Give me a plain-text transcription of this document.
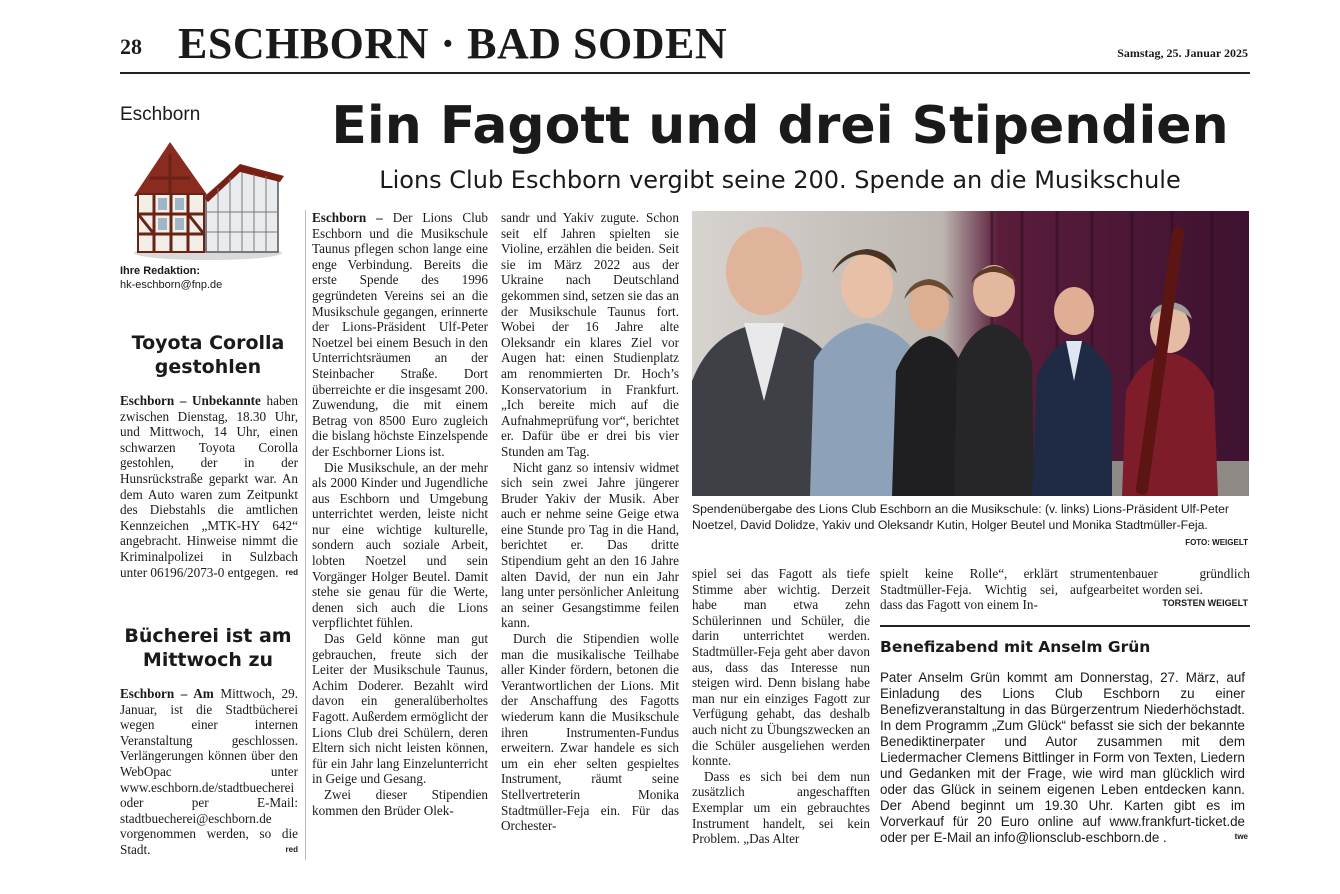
28 ESCHBORN · BAD SODEN	Samstag, 25. Januar 2025
Eschborn
Ihre Redaktion:
hk-eschborn@fnp.de
Toyota Corolla gestohlen
Eschborn – Unbekannte haben zwischen Dienstag, 18.30 Uhr, und Mittwoch, 14 Uhr, einen schwarzen Toyota Corolla gestohlen, der in der Hunsrückstraße geparkt war. An dem Auto waren zum Zeitpunkt des Diebstahls die amtlichen Kennzeichen „MTK-HY 642“ angebracht. Hinweise nimmt die Kriminalpolizei in Sulzbach unter 06196/2073-0 entgegen. red
Bücherei ist am Mittwoch zu
Eschborn – Am Mittwoch, 29. Januar, ist die Stadtbücherei wegen einer internen Veranstaltung geschlossen. Verlängerungen können über den WebOpac unter www.eschborn.de/stadtbuecherei oder per E-Mail: stadtbuecherei@eschborn.de vorgenommen werden, so die Stadt.	red
Ein Fagott und drei Stipendien
Lions Club Eschborn vergibt seine 200. Spende an die Musikschule

Eschborn – Der Lions Club Eschborn und die Musikschule Taunus pflegen schon lange eine enge Verbindung. Bereits die erste Spende des 1996 gegründeten Vereins sei an die Musikschule gegangen, erinnerte der Lions-Präsident Ulf-Peter Noetzel bei einem Besuch in den Unterrichtsräumen an der Steinbacher Straße. Dort überreichte er die insgesamt 200. Zuwendung, die mit einem Betrag von 8500 Euro zugleich die bislang höchste Einzelspende der Eschborner Lions ist.

Die Musikschule, an der mehr als 2000 Kinder und Jugendliche aus Eschborn und Umgebung unterrichtet werden, leiste nicht nur eine wichtige kulturelle, sondern auch soziale Arbeit, lobten Noetzel und sein Vorgänger Holger Beutel. Damit stehe sie genau für die Werte, denen sich auch die Lions verpflichtet fühlen.

Das Geld könne man gut gebrauchen, freute sich der Leiter der Musikschule Taunus, Achim Doderer. Bezahlt wird davon ein generalüberholtes Fagott. Außerdem ermöglicht der Lions Club drei Schülern, deren Eltern sich nicht leisten können, für ein Jahr lang Einzelunterricht in Geige und Gesang.

Zwei dieser Stipendien kommen den Brüder Olek-

sandr und Yakiv zugute. Schon seit elf Jahren spielten sie Violine, erzählen die beiden. Seit sie im März 2022 aus der Ukraine nach Deutschland gekommen sind, setzen sie das an der Musikschule Taunus fort. Wobei der 16 Jahre alte Oleksandr ein klares Ziel vor Augen hat: einen Studienplatz am renommierten Dr. Hoch’s Konservatorium in Frankfurt. „Ich bereite mich auf die Aufnahmeprüfung vor“, berichtet er. Dafür übe er drei bis vier Stunden am Tag.

Nicht ganz so intensiv widmet sich sein zwei Jahre jüngerer Bruder Yakiv der Musik. Aber auch er nehme seine Geige etwa eine Stunde pro Tag in die Hand, berichtet er. Das dritte Stipendium geht an den 16 Jahre alten David, der nun ein Jahr lang unter persönlicher Anleitung an seiner Gesangstimme feilen kann.

Durch die Stipendien wolle man die musikalische Teilhabe aller Kinder fördern, betonen die Verantwortlichen der Lions. Mit der Anschaffung des Fagotts wiederum kann die Musikschule ihren Instrumenten-Fundus erweitern. Zwar handele es sich um ein eher selten gespieltes Instrument, räumt seine Stellvertreterin Monika Stadtmüller-Feja ein. Für das Orchester-

Spendenübergabe des Lions Club Eschborn an die Musikschule: (v. links) Lions-Präsident Ulf-Peter Noetzel, David Dolidze, Yakiv und Oleksandr Kutin, Holger Beutel und Monika Stadtmüller-Feja.
FOTO: WEIGELT

spiel sei das Fagott als tiefe Stimme aber wichtig. Derzeit habe man etwa zehn Schülerinnen und Schüler, die darin unterrichtet werden. Stadtmüller-Feja geht aber davon aus, dass das Interesse nun steigen wird. Denn bislang habe man nur ein einziges Fagott zur Verfügung gehabt, das deshalb auch nicht zu Übungszwecken an die Schüler ausgeliehen werden konnte.

Dass es sich bei dem nun zusätzlich angeschafften Exemplar um ein gebrauchtes Instrument handelt, sei kein Problem. „Das Alter

spielt keine Rolle“, erklärt Stadtmüller-Feja. Wichtig sei, dass das Fagott von einem In-
strumentenbauer gründlich aufgearbeitet worden sei.
TORSTEN WEIGELT
Benefizabend mit Anselm Grün
Pater Anselm Grün kommt am Donnerstag, 27. März, auf Einladung des Lions Club Eschborn zu einer Benefizveranstaltung in das Bürgerzentrum Niederhöchstadt. In dem Programm „Zum Glück“ befasst sie sich der bekannte Benediktinerpater und Autor zusammen mit dem Liedermacher Clemens Bittlinger in Form von Texten, Liedern und Gedanken mit der Frage, wie wird man glücklich wird oder das Glück in seinem eigenen Leben entdecken kann. Der Abend beginnt um 19.30 Uhr. Karten gibt es im Vorverkauf für 20 Euro online auf www.frankfurt-ticket.de oder per E-Mail an info@lionsclub-eschborn.de .	twe
